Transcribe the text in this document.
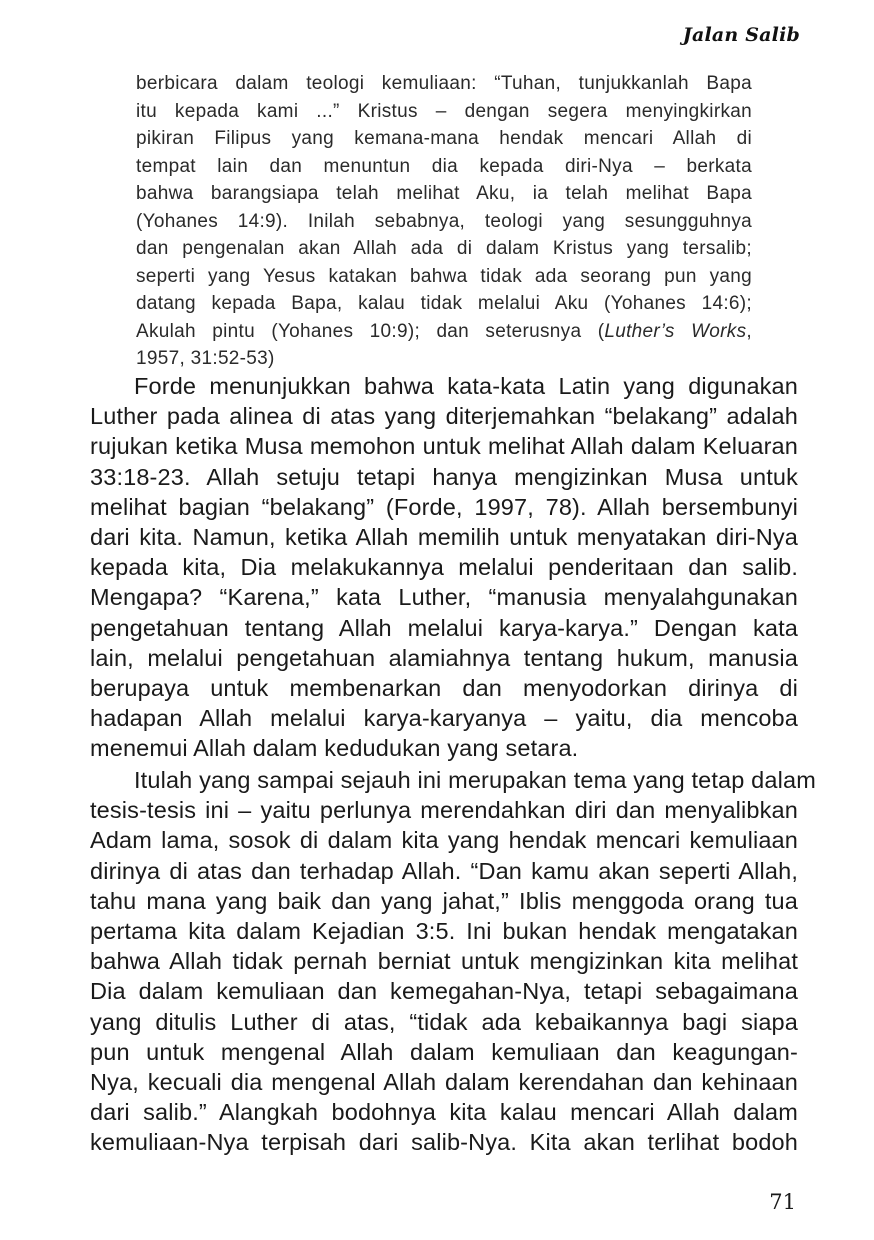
Jalan Salib
berbicara dalam teologi kemuliaan: “Tuhan, tunjukkanlah Bapa
itu kepada kami ...” Kristus – dengan segera menyingkirkan
pikiran Filipus yang kemana-mana hendak mencari Allah di
tempat lain dan menuntun dia kepada diri-Nya – berkata
bahwa barangsiapa telah melihat Aku, ia telah melihat Bapa
(Yohanes 14:9). Inilah sebabnya, teologi yang sesungguhnya
dan pengenalan akan Allah ada di dalam Kristus yang tersalib;
seperti yang Yesus katakan bahwa tidak ada seorang pun yang
datang kepada Bapa, kalau tidak melalui Aku (Yohanes 14:6);
Akulah pintu (Yohanes 10:9); dan seterusnya (Luther’s Works,
1957, 31:52-53)
Forde menunjukkan bahwa kata-kata Latin yang digunakan
Luther pada alinea di atas yang diterjemahkan “belakang” adalah
rujukan ketika Musa memohon untuk melihat Allah dalam Keluaran
33:18-23. Allah setuju tetapi hanya mengizinkan Musa untuk
melihat bagian “belakang” (Forde, 1997, 78). Allah bersembunyi
dari kita. Namun, ketika Allah memilih untuk menyatakan diri-Nya
kepada kita, Dia melakukannya melalui penderitaan dan salib.
Mengapa? “Karena,” kata Luther, “manusia menyalahgunakan
pengetahuan tentang Allah melalui karya-karya.” Dengan kata
lain, melalui pengetahuan alamiahnya tentang hukum, manusia
berupaya untuk membenarkan dan menyodorkan dirinya di
hadapan Allah melalui karya-karyanya – yaitu, dia mencoba
menemui Allah dalam kedudukan yang setara.
Itulah yang sampai sejauh ini merupakan tema yang tetap dalam
tesis-tesis ini – yaitu perlunya merendahkan diri dan menyalibkan
Adam lama, sosok di dalam kita yang hendak mencari kemuliaan
dirinya di atas dan terhadap Allah. “Dan kamu akan seperti Allah,
tahu mana yang baik dan yang jahat,” Iblis menggoda orang tua
pertama kita dalam Kejadian 3:5. Ini bukan hendak mengatakan
bahwa Allah tidak pernah berniat untuk mengizinkan kita melihat
Dia dalam kemuliaan dan kemegahan-Nya, tetapi sebagaimana
yang ditulis Luther di atas, “tidak ada kebaikannya bagi siapa
pun untuk mengenal Allah dalam kemuliaan dan keagungan-
Nya, kecuali dia mengenal Allah dalam kerendahan dan kehinaan
dari salib.” Alangkah bodohnya kita kalau mencari Allah dalam
kemuliaan-Nya terpisah dari salib-Nya. Kita akan terlihat bodoh
71
